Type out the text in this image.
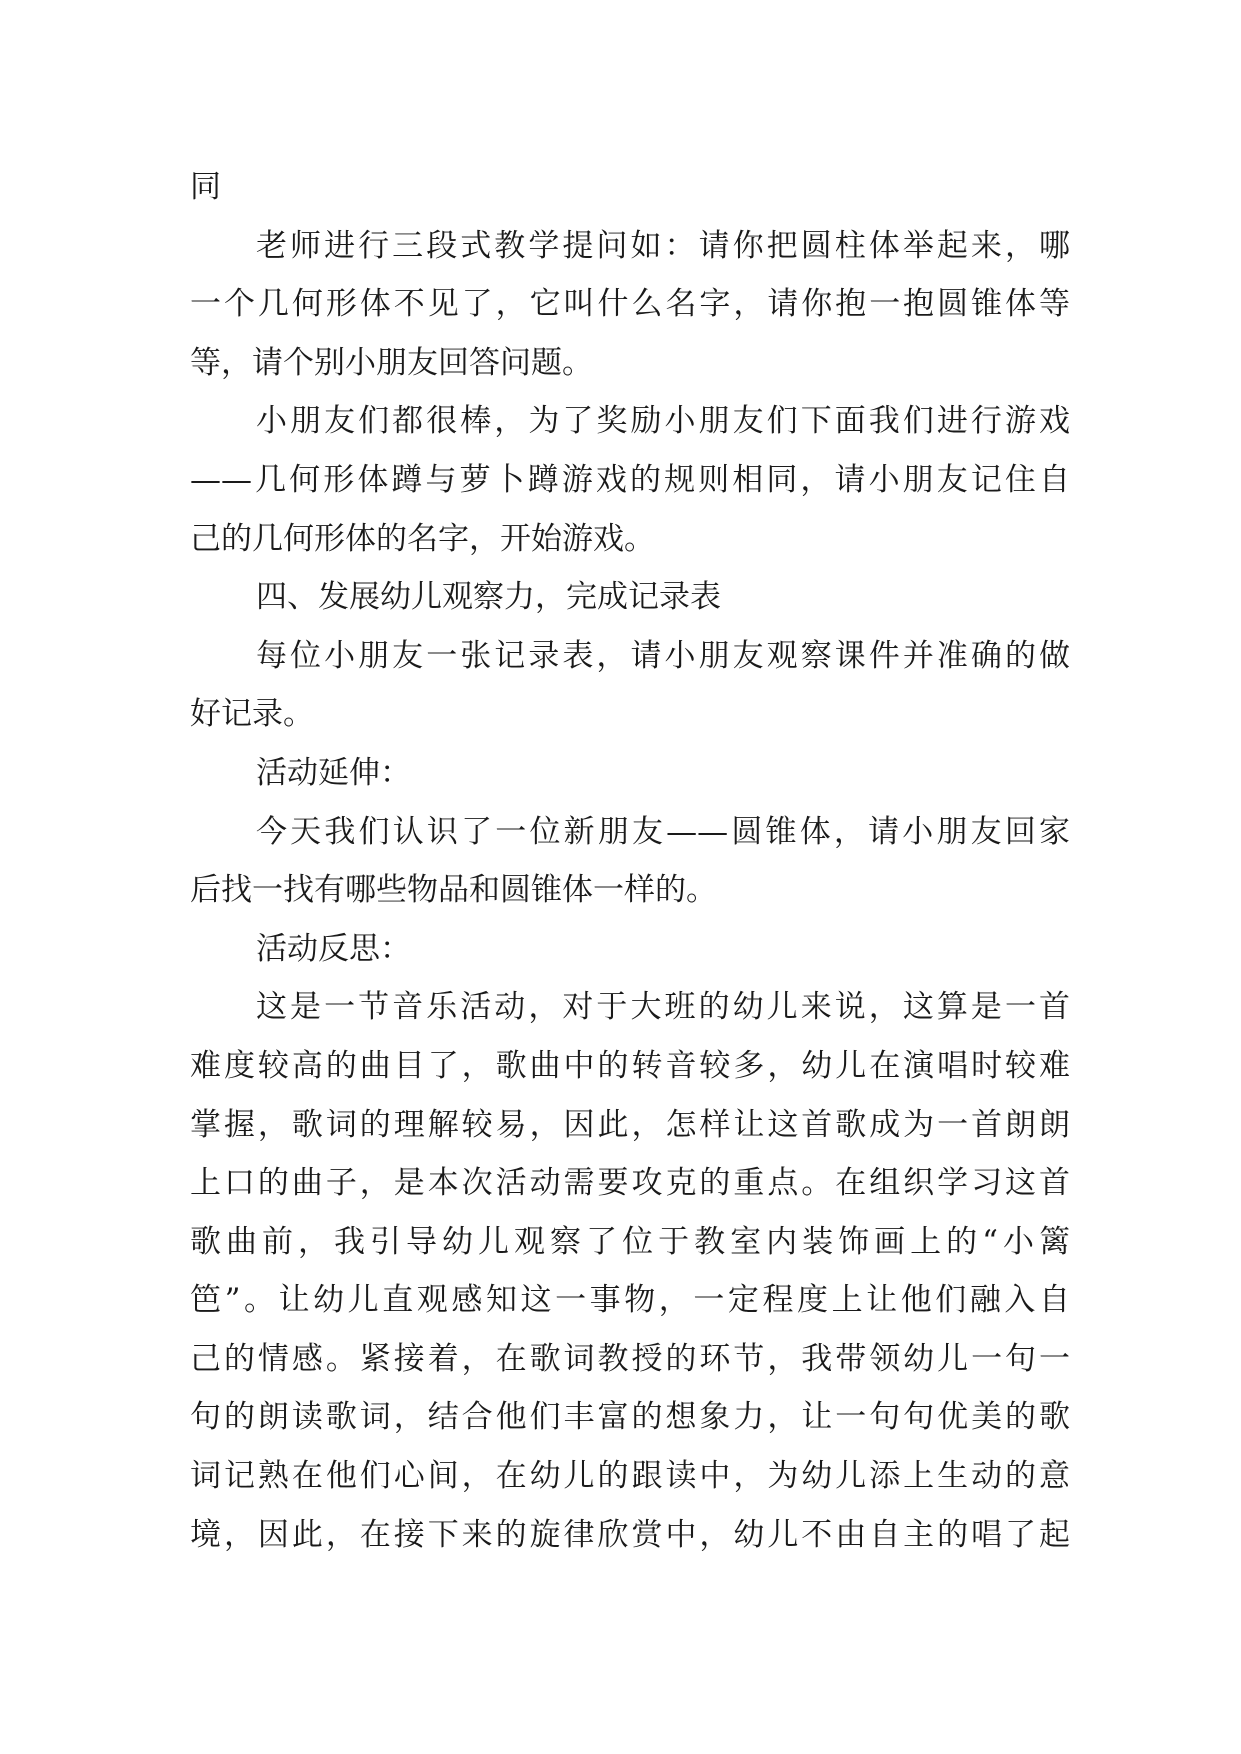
同
老师进行三段式教学提问如：请你把圆柱体举起来，哪
一个几何形体不见了，它叫什么名字，请你抱一抱圆锥体等
等，请个别小朋友回答问题。
小朋友们都很棒，为了奖励小朋友们下面我们进行游戏
——几何形体蹲与萝卜蹲游戏的规则相同，请小朋友记住自
己的几何形体的名字，开始游戏。
四、发展幼儿观察力，完成记录表
每位小朋友一张记录表，请小朋友观察课件并准确的做
好记录。
活动延伸：
今天我们认识了一位新朋友——圆锥体，请小朋友回家
后找一找有哪些物品和圆锥体一样的。
活动反思：
这是一节音乐活动，对于大班的幼儿来说，这算是一首
难度较高的曲目了，歌曲中的转音较多，幼儿在演唱时较难
掌握，歌词的理解较易，因此，怎样让这首歌成为一首朗朗
上口的曲子，是本次活动需要攻克的重点。在组织学习这首
歌曲前，我引导幼儿观察了位于教室内装饰画上的“小篱
笆”。让幼儿直观感知这一事物，一定程度上让他们融入自
己的情感。紧接着，在歌词教授的环节，我带领幼儿一句一
句的朗读歌词，结合他们丰富的想象力，让一句句优美的歌
词记熟在他们心间，在幼儿的跟读中，为幼儿添上生动的意
境，因此，在接下来的旋律欣赏中，幼儿不由自主的唱了起
